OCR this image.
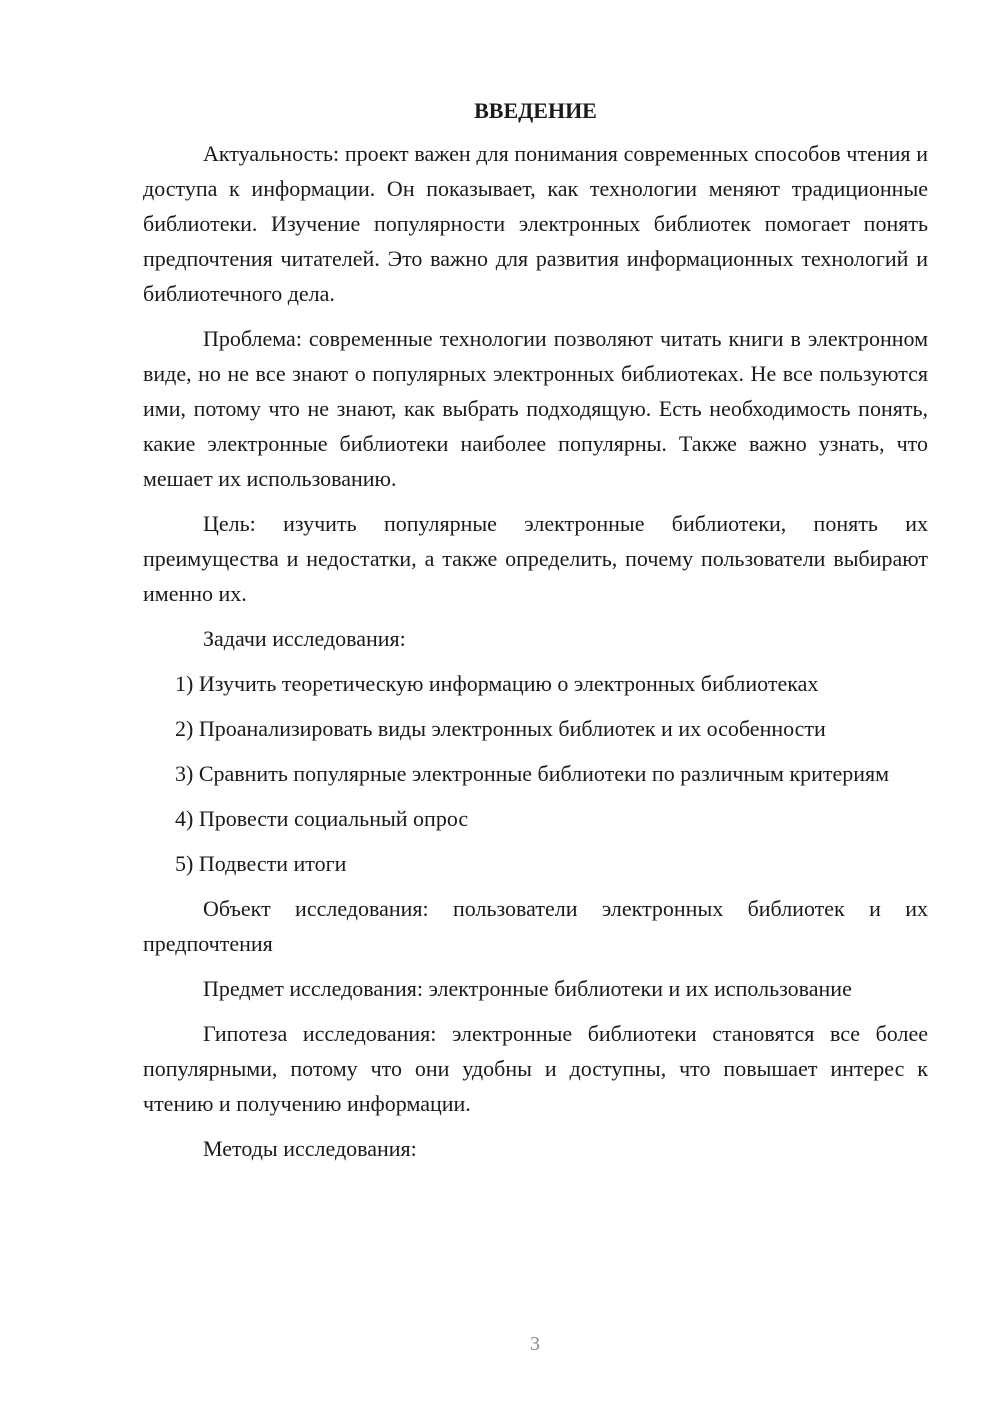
ВВЕДЕНИЕ

Актуальность: проект важен для понимания современных способов чтения и доступа к информации. Он показывает, как технологии меняют традиционные библиотеки. Изучение популярности электронных библиотек помогает понять предпочтения читателей. Это важно для развития информационных технологий и библиотечного дела.

Проблема: современные технологии позволяют читать книги в электронном виде, но не все знают о популярных электронных библиотеках. Не все пользуются ими, потому что не знают, как выбрать подходящую. Есть необходимость понять, какие электронные библиотеки наиболее популярны. Также важно узнать, что мешает их использованию.

Цель: изучить популярные электронные библиотеки, понять их преимущества и недостатки, а также определить, почему пользователи выбирают именно их.

Задачи исследования:

1) Изучить теоретическую информацию о электронных библиотеках

2) Проанализировать виды электронных библиотек и их особенности

3) Сравнить популярные электронные библиотеки по различным критериям

4) Провести социальный опрос

5) Подвести итоги

Объект исследования: пользователи электронных библиотек и их предпочтения

Предмет исследования: электронные библиотеки и их использование

Гипотеза исследования: электронные библиотеки становятся все более популярными, потому что они удобны и доступны, что повышает интерес к чтению и получению информации.

Методы исследования:

3
